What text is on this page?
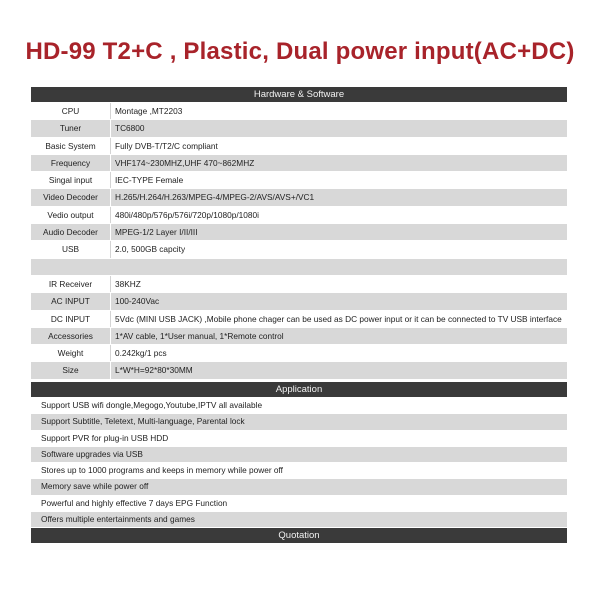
HD-99 T2+C , Plastic, Dual power input(AC+DC)
Hardware & Software
CPU	Montage ,MT2203
Tuner	TC6800
Basic System	Fully DVB-T/T2/C compliant
Frequency	VHF174~230MHZ,UHF 470~862MHZ
Singal input	IEC-TYPE Female
Video Decoder	H.265/H.264/H.263/MPEG-4/MPEG-2/AVS/AVS+/VC1
Vedio output	480i/480p/576p/576i/720p/1080p/1080i
Audio Decoder	MPEG-1/2 Layer I/II/III
USB	2.0, 500GB capcity
IR Receiver	38KHZ
AC INPUT	100-240Vac
DC INPUT	5Vdc (MINI USB JACK) ,Mobile phone chager can be used as DC power input or it can be connected to TV USB interface
Accessories	1*AV cable, 1*User manual, 1*Remote control
Weight	0.242kg/1 pcs
Size	L*W*H=92*80*30MM
Application
Support USB wifi dongle,Megogo,Youtube,IPTV all available
Support Subtitle, Teletext, Multi-language, Parental lock
Support PVR for plug-in USB HDD
Software upgrades via USB
Stores up to 1000 programs and keeps in memory while power off
Memory save while power off
Powerful and highly effective 7 days EPG Function
Offers multiple entertainments and games
Quotation
